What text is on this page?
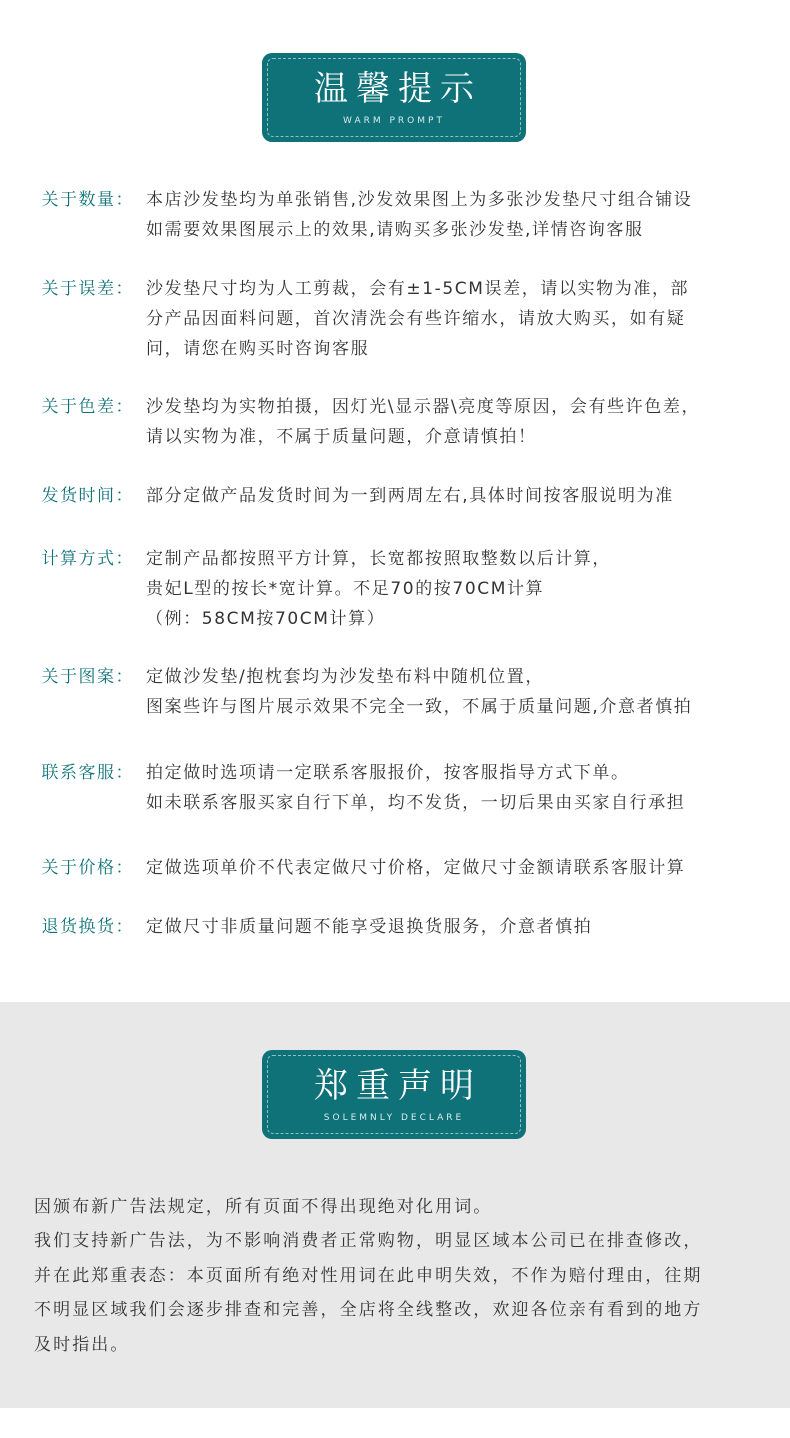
温馨提示
WARM PROMPT
关于数量： 本店沙发垫均为单张销售,沙发效果图上为多张沙发垫尺寸组合铺设
如需要效果图展示上的效果,请购买多张沙发垫,详情咨询客服
关于误差： 沙发垫尺寸均为人工剪裁，会有±1-5CM误差，请以实物为准，部
分产品因面料问题，首次清洗会有些许缩水，请放大购买，如有疑
问，请您在购买时咨询客服
关于色差： 沙发垫均为实物拍摄，因灯光\显示器\亮度等原因，会有些许色差，
请以实物为准，不属于质量问题，介意请慎拍！
发货时间： 部分定做产品发货时间为一到两周左右,具体时间按客服说明为准
计算方式： 定制产品都按照平方计算，长宽都按照取整数以后计算，
贵妃L型的按长*宽计算。不足70的按70CM计算
（例：58CM按70CM计算）
关于图案： 定做沙发垫/抱枕套均为沙发垫布料中随机位置，
图案些许与图片展示效果不完全一致，不属于质量问题,介意者慎拍
联系客服： 拍定做时选项请一定联系客服报价，按客服指导方式下单。
如未联系客服买家自行下单，均不发货，一切后果由买家自行承担
关于价格： 定做选项单价不代表定做尺寸价格，定做尺寸金额请联系客服计算
退货换货： 定做尺寸非质量问题不能享受退换货服务，介意者慎拍
郑重声明
SOLEMNLY DECLARE
因颁布新广告法规定，所有页面不得出现绝对化用词。
我们支持新广告法，为不影响消费者正常购物，明显区域本公司已在排查修改，
并在此郑重表态：本页面所有绝对性用词在此申明失效，不作为赔付理由，往期
不明显区域我们会逐步排查和完善，全店将全线整改，欢迎各位亲有看到的地方
及时指出。
